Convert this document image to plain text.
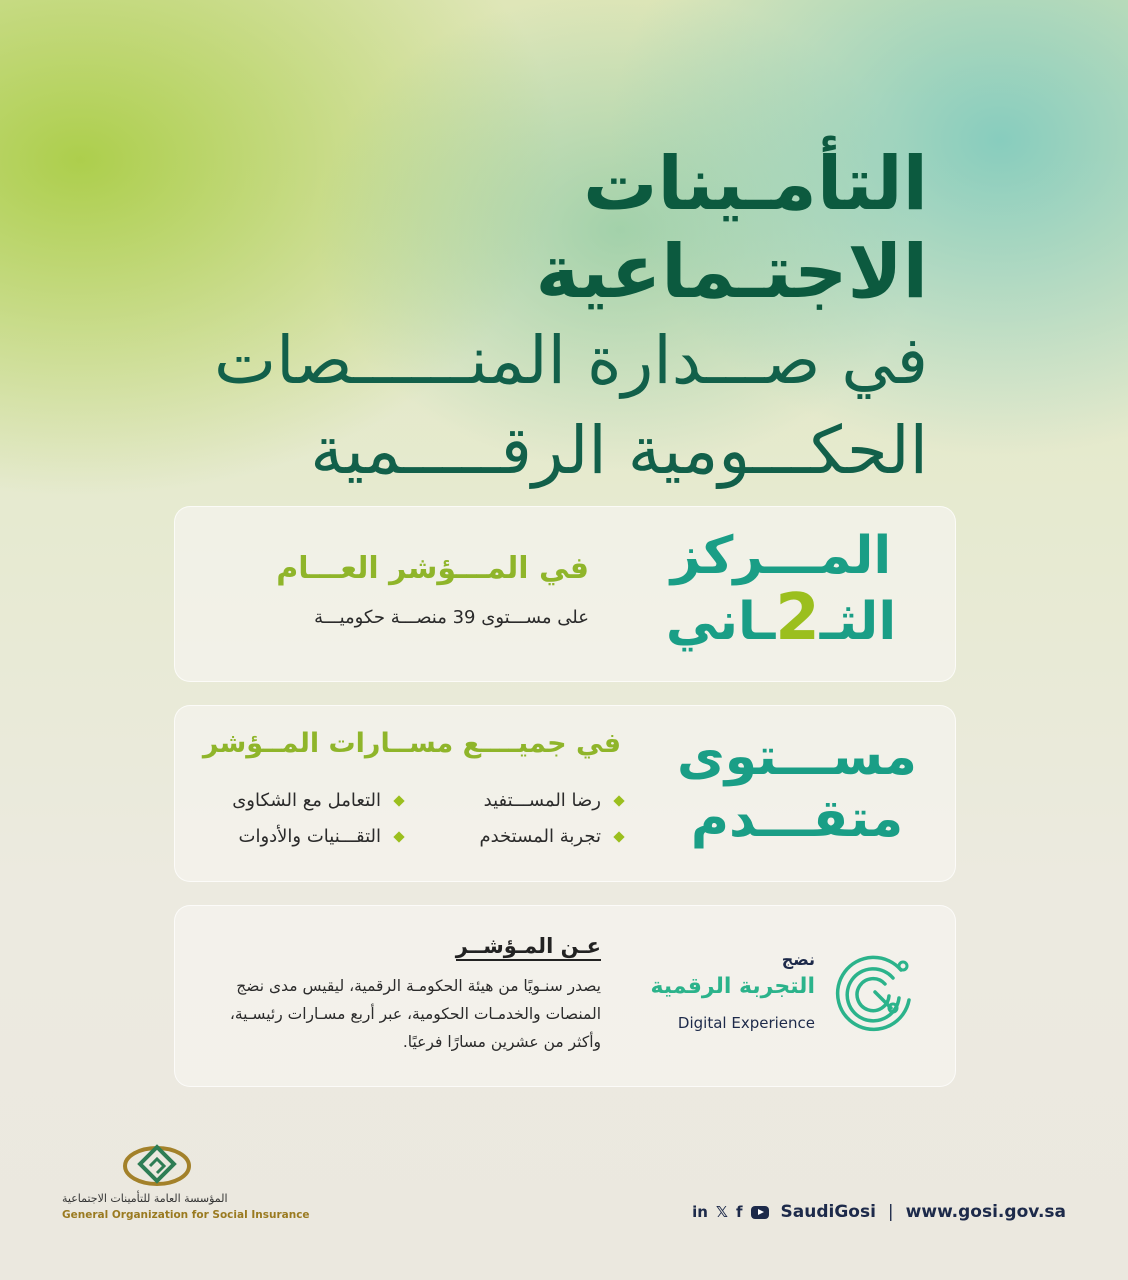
التأمـينات الاجتـماعية
في صـــدارة المنــــــصات
الحكـــومية الرقـــــمية
المـــركز
الثـ2ـاني
في المـــؤشر العـــام
على مســـتوى 39 منصـــة حكوميـــة
مســـتوى
متقـــدم
في جميــــع مســارات المــؤشر
رضا المســـتفيد
التعامل مع الشكاوى
تجربة المستخدم
التقـــنيات والأدوات
نضج
التجربة الرقمية
Digital Experience
عـن المـؤشــر
يصدر سنـويًا من هيئة الحكومـة الرقمية، ليقيس مدى نضج المنصات والخدمـات الحكومية، عبر أربع مسـارات رئيسـية، وأكثر من عشرين مسارًا فرعيًا.
المؤسسة العامة للتأمينات الاجتماعية
General Organization for Social Insurance	in 𝕏 f SaudiGosi | www.gosi.gov.sa
